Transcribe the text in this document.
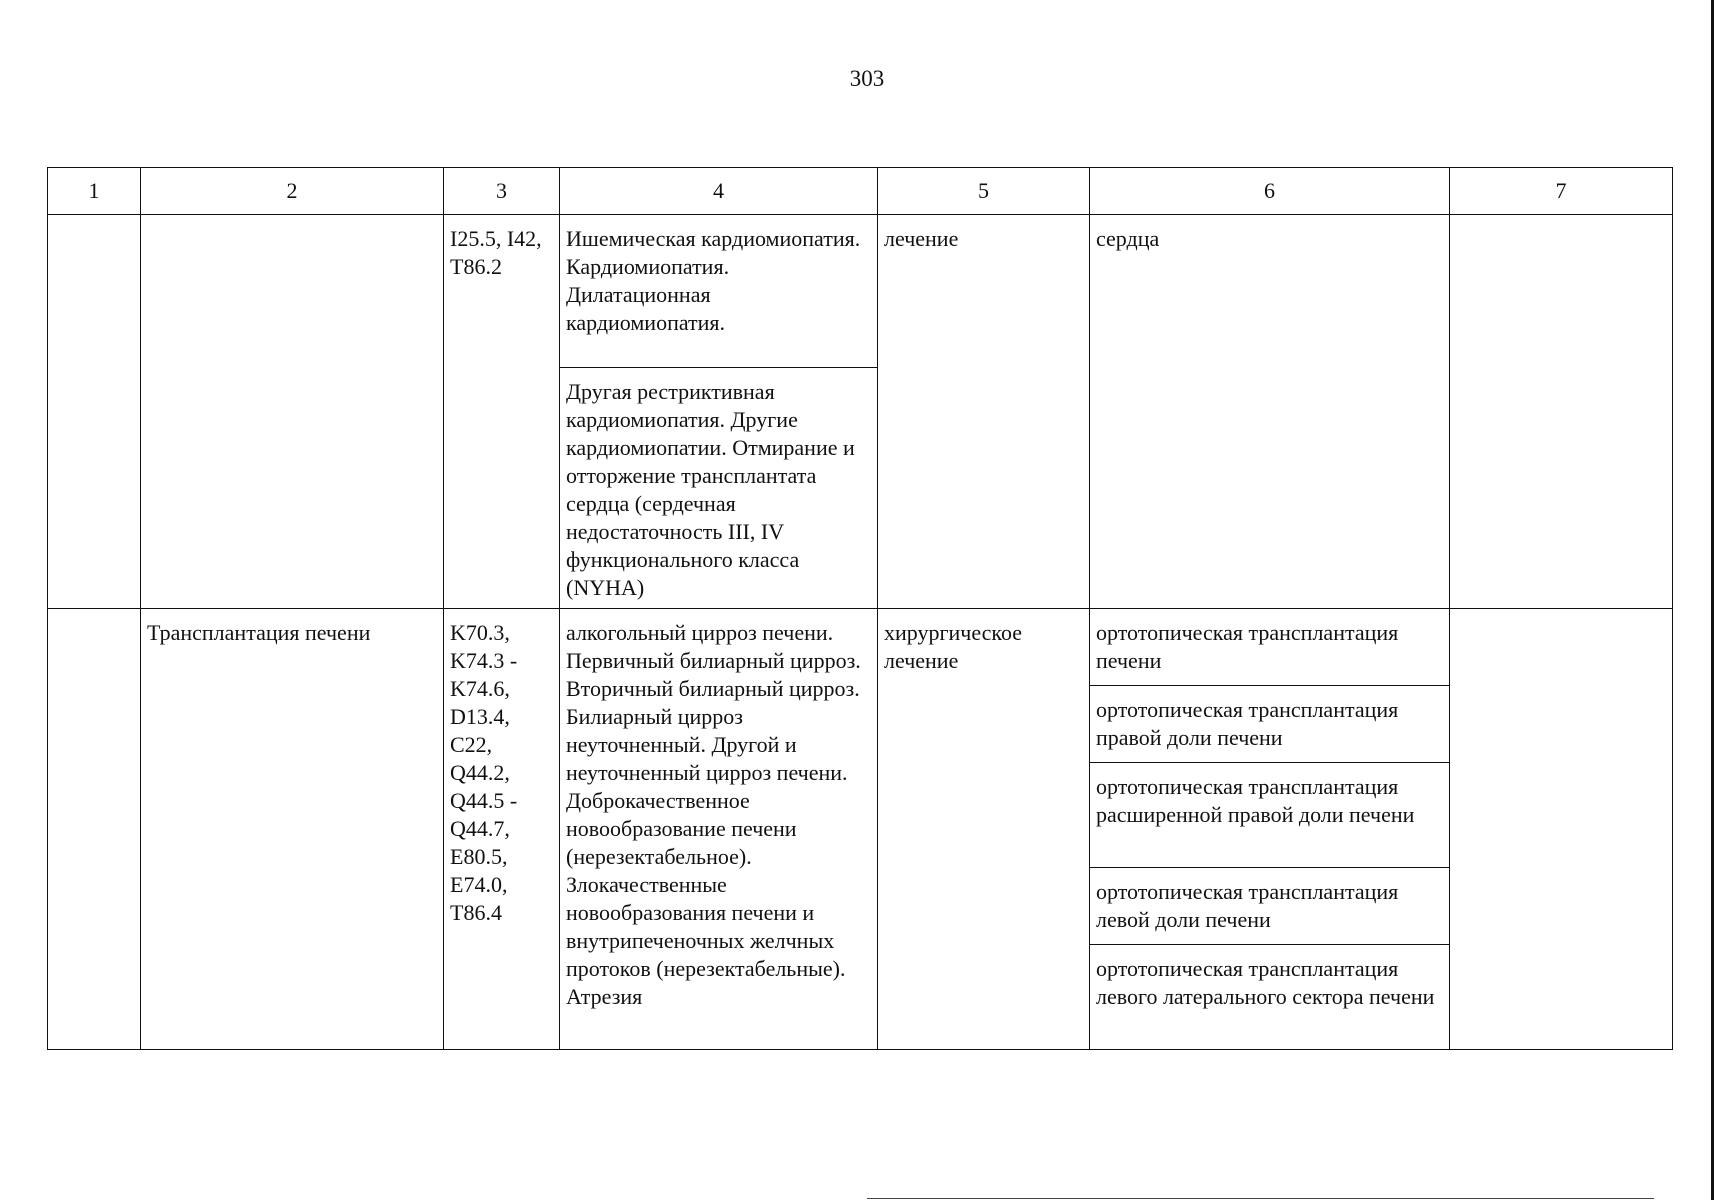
303
1	2	3	4	5	6	7
		I25.5, I42, T86.2	Ишемическая кардиомиопатия. Кардиомиопатия. Дилатационная кардиомиопатия.	лечение	сердца	
			Другая рестриктивная кардиомиопатия. Другие кардиомиопатии. Отмирание и отторжение трансплантата сердца (сердечная недостаточность III, IV функционального класса (NYHA)			
	Трансплантация печени	K70.3, K74.3 - K74.6, D13.4, C22, Q44.2, Q44.5 - Q44.7, E80.5, E74.0, T86.4	алкогольный цирроз печени. Первичный билиарный цирроз. Вторичный билиарный цирроз. Билиарный цирроз неуточненный. Другой и неуточненный цирроз печени. Доброкачественное новообразование печени (нерезектабельное). Злокачественные новообразования печени и внутрипеченочных желчных протоков (нерезектабельные). Атрезия	хирургическое лечение	ортотопическая трансплантация печени	
					ортотопическая трансплантация правой доли печени	
					ортотопическая трансплантация расширенной правой доли печени	
					ортотопическая трансплантация левой доли печени	
					ортотопическая трансплантация левого латерального сектора печени	
